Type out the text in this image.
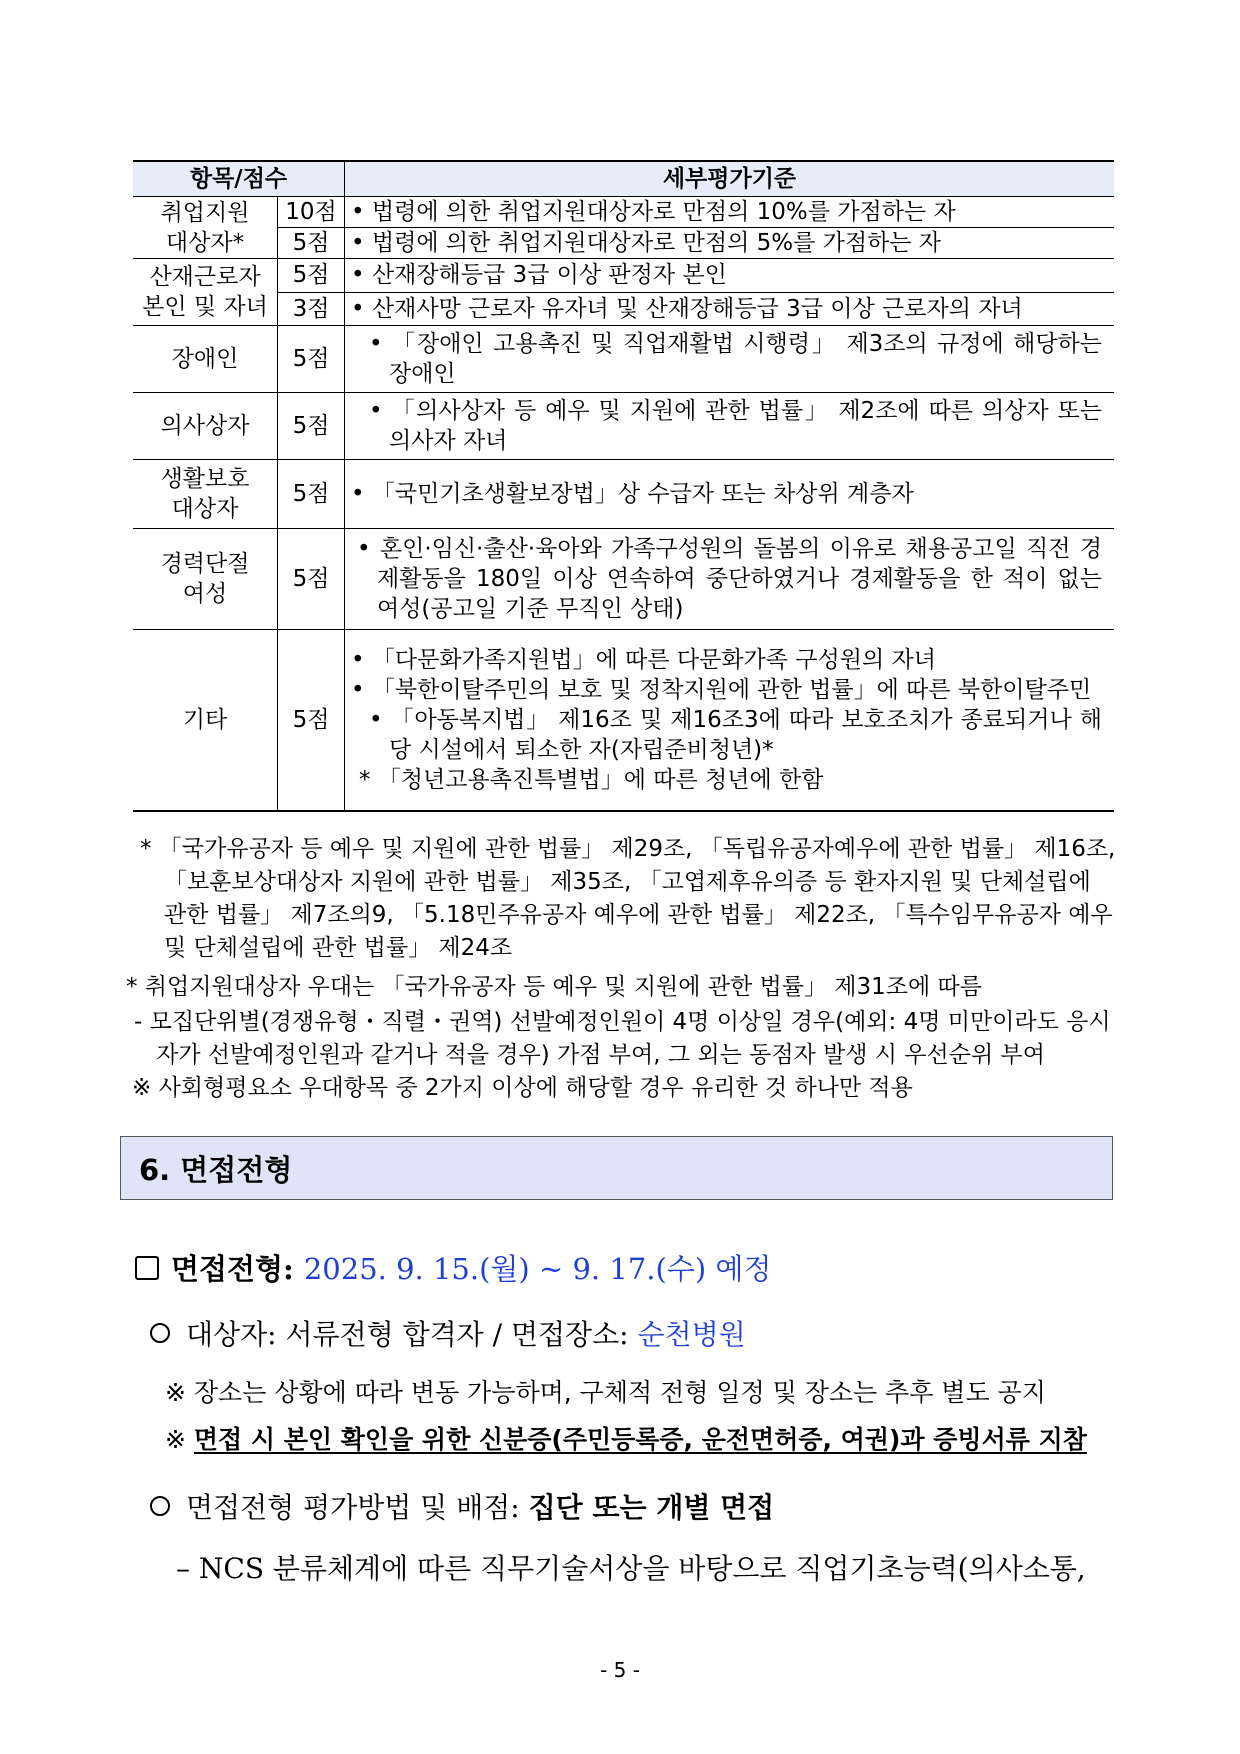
항목/점수		세부평가기준

취업지원
대상자*	10점	• 법령에 의한 취업지원대상자로 만점의 10%를 가점하는 자

	5점	• 법령에 의한 취업지원대상자로 만점의 5%를 가점하는 자

산재근로자
본인 및 자녀	5점	• 산재장해등급 3급 이상 판정자 본인

	3점	• 산재사망 근로자 유자녀 및 산재장해등급 3급 이상 근로자의 자녀

장애인	5점	• 「장애인 고용촉진 및 직업재활법 시행령」 제3조의 규정에 해당하는 장애인

의사상자	5점	• 「의사상자 등 예우 및 지원에 관한 법률」 제2조에 따른 의상자 또는 의사자 자녀

생활보호
대상자	5점	• 「국민기초생활보장법」상 수급자 또는 차상위 계층자

경력단절
여성	5점	• 혼인·임신·출산·육아와 가족구성원의 돌봄의 이유로 채용공고일 직전 경제활동을 180일 이상 연속하여 중단하였거나 경제활동을 한 적이 없는 여성(공고일 기준 무직인 상태)

기타	5점	• 「다문화가족지원법」에 따른 다문화가족 구성원의 자녀
• 「북한이탈주민의 보호 및 정착지원에 관한 법률」에 따른 북한이탈주민
• 「아동복지법」 제16조 및 제16조3에 따라 보호조치가 종료되거나 해당 시설에서 퇴소한 자(자립준비청년)*
* 「청년고용촉진특별법」에 따른 청년에 한함
* 「국가유공자 등 예우 및 지원에 관한 법률」 제29조, 「독립유공자예우에 관한 법률」 제16조, 「보훈보상대상자 지원에 관한 법률」 제35조, 「고엽제후유의증 등 환자지원 및 단체설립에 관한 법률」 제7조의9, 「5.18민주유공자 예우에 관한 법률」 제22조, 「특수임무유공자 예우 및 단체설립에 관한 법률」 제24조
* 취업지원대상자 우대는 「국가유공자 등 예우 및 지원에 관한 법률」 제31조에 따름
- 모집단위별(경쟁유형・직렬・권역) 선발예정인원이 4명 이상일 경우(예외: 4명 미만이라도 응시자가 선발예정인원과 같거나 적을 경우) 가점 부여, 그 외는 동점자 발생 시 우선순위 부여
※ 사회형평요소 우대항목 중 2가지 이상에 해당할 경우 유리한 것 하나만 적용
6. 면접전형
면접전형: 2025. 9. 15.(월) ~ 9. 17.(수) 예정
대상자: 서류전형 합격자 / 면접장소: 순천병원
※ 장소는 상황에 따라 변동 가능하며, 구체적 전형 일정 및 장소는 추후 별도 공지
※ 면접 시 본인 확인을 위한 신분증(주민등록증, 운전면허증, 여권)과 증빙서류 지참
면접전형 평가방법 및 배점: 집단 또는 개별 면접
– NCS 분류체계에 따른 직무기술서상을 바탕으로 직업기초능력(의사소통,
- 5 -
